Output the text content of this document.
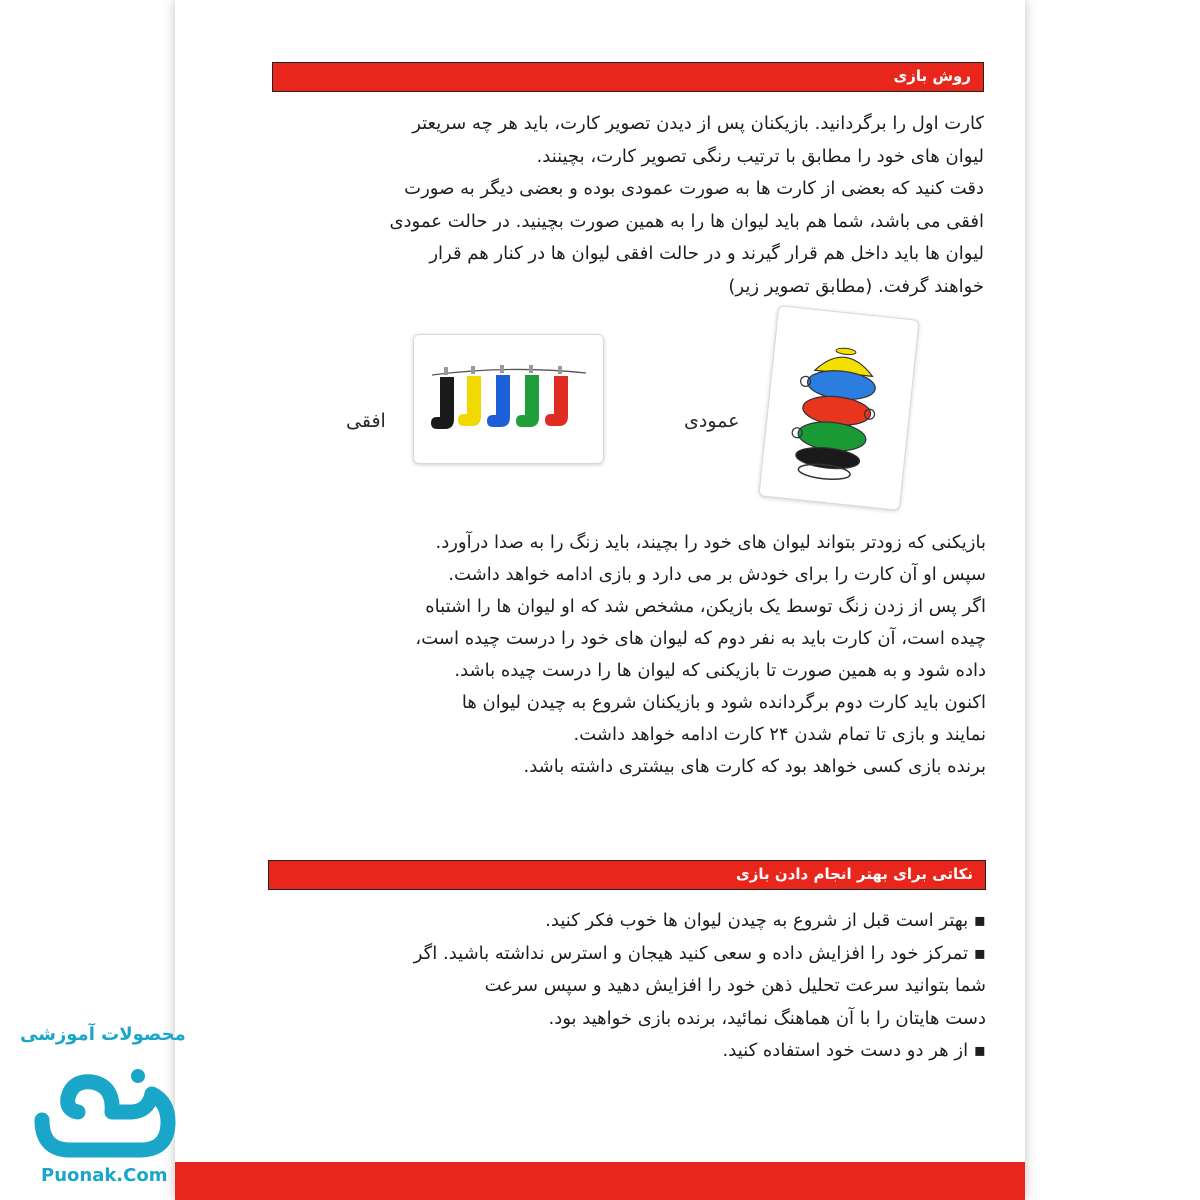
روش بازی

کارت اول را برگردانید. بازیکنان پس از دیدن تصویر کارت، باید هر چه سریعتر

لیوان های خود را مطابق با ترتیب رنگی تصویر کارت، بچینند.

دقت کنید که بعضی از کارت ها به صورت عمودی بوده و بعضی دیگر به صورت

افقی می باشد، شما هم باید لیوان ها را به همین صورت بچینید. در حالت عمودی

لیوان ها باید داخل هم قرار گیرند و در حالت افقی لیوان ها در کنار هم قرار

خواهند گرفت. (مطابق تصویر زیر)

افقی	عمودی

بازیکنی که زودتر بتواند لیوان های خود را بچیند، باید زنگ را به صدا درآورد.

سپس او آن کارت را برای خودش بر می دارد و بازی ادامه خواهد داشت.

اگر پس از زدن زنگ توسط یک بازیکن، مشخص شد که او لیوان ها را اشتباه

چیده است، آن کارت باید به نفر دوم که لیوان های خود را درست چیده است،

داده شود و به همین صورت تا بازیکنی که لیوان ها را درست چیده باشد.

اکنون باید کارت دوم برگردانده شود و بازیکنان شروع به چیدن لیوان ها

نمایند و بازی تا تمام شدن ۲۴ کارت ادامه خواهد داشت.

برنده بازی کسی خواهد بود که کارت های بیشتری داشته باشد.

نکاتی برای بهتر انجام دادن بازی

▪ بهتر است قبل از شروع به چیدن لیوان ها خوب فکر کنید.

▪ تمرکز خود را افزایش داده و سعی کنید هیجان و استرس نداشته باشید. اگر

شما بتوانید سرعت تحلیل ذهن خود را افزایش دهید و سپس سرعت

دست هایتان را با آن هماهنگ نمائید، برنده بازی خواهید بود.

▪ از هر دو دست خود استفاده کنید.

محصولات آموزشی
Puonak.Com
